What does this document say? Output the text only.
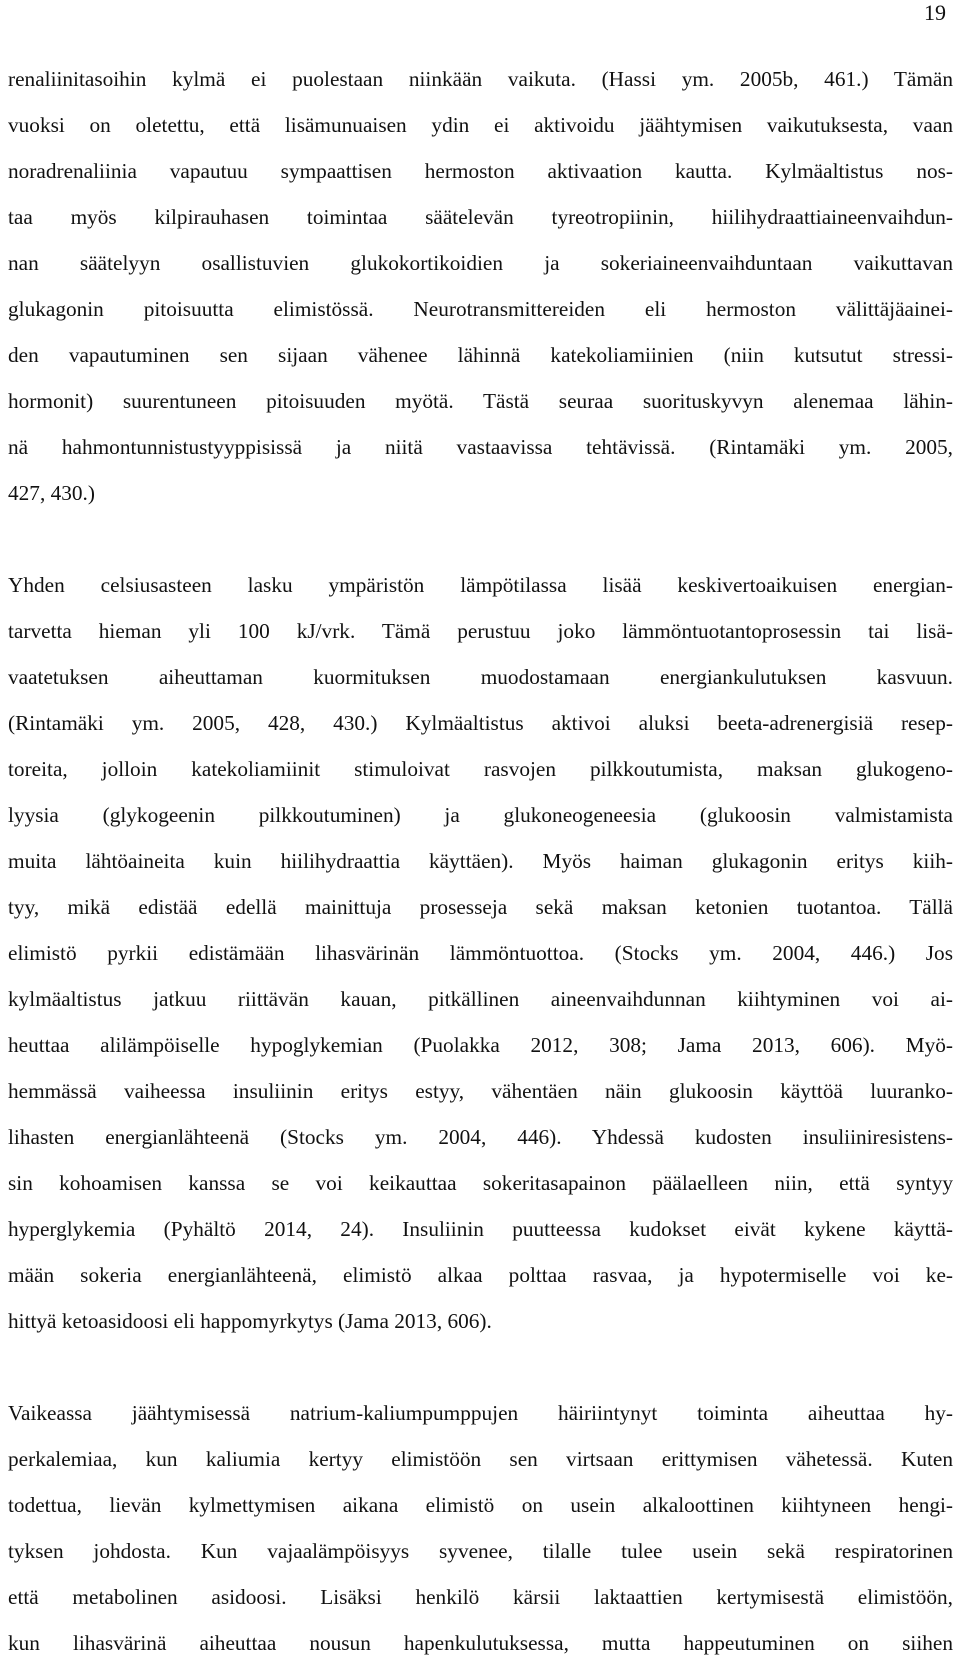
19
renaliinitasoihin kylmä ei puolestaan niinkään vaikuta. (Hassi ym. 2005b, 461.) Tämän
vuoksi on oletettu, että lisämunuaisen ydin ei aktivoidu jäähtymisen vaikutuksesta, vaan
noradrenaliinia vapautuu sympaattisen hermoston aktivaation kautta. Kylmäaltistus nos-
taa myös kilpirauhasen toimintaa säätelevän tyreotropiinin, hiilihydraattiaineenvaihdun-
nan säätelyyn osallistuvien glukokortikoidien ja sokeriaineenvaihduntaan vaikuttavan
glukagonin pitoisuutta elimistössä. Neurotransmittereiden eli hermoston välittäjäainei-
den vapautuminen sen sijaan vähenee lähinnä katekoliamiinien (niin kutsutut stressi-
hormonit) suurentuneen pitoisuuden myötä. Tästä seuraa suorituskyvyn alenemaa lähin-
nä hahmontunnistustyyppisissä ja niitä vastaavissa tehtävissä. (Rintamäki ym. 2005,
427, 430.)
Yhden celsiusasteen lasku ympäristön lämpötilassa lisää keskivertoaikuisen energian-
tarvetta hieman yli 100 kJ/vrk. Tämä perustuu joko lämmöntuotantoprosessin tai lisä-
vaatetuksen aiheuttaman kuormituksen muodostamaan energiankulutuksen kasvuun.
(Rintamäki ym. 2005, 428, 430.) Kylmäaltistus aktivoi aluksi beeta-adrenergisiä resep-
toreita, jolloin katekoliamiinit stimuloivat rasvojen pilkkoutumista, maksan glukogeno-
lyysia (glykogeenin pilkkoutuminen) ja glukoneogeneesia (glukoosin valmistamista
muita lähtöaineita kuin hiilihydraattia käyttäen). Myös haiman glukagonin eritys kiih-
tyy, mikä edistää edellä mainittuja prosesseja sekä maksan ketonien tuotantoa. Tällä
elimistö pyrkii edistämään lihasvärinän lämmöntuottoa. (Stocks ym. 2004, 446.) Jos
kylmäaltistus jatkuu riittävän kauan, pitkällinen aineenvaihdunnan kiihtyminen voi ai-
heuttaa alilämpöiselle hypoglykemian (Puolakka 2012, 308; Jama 2013, 606). Myö-
hemmässä vaiheessa insuliinin eritys estyy, vähentäen näin glukoosin käyttöä luuranko-
lihasten energianlähteenä (Stocks ym. 2004, 446). Yhdessä kudosten insuliiniresistens-
sin kohoamisen kanssa se voi keikauttaa sokeritasapainon päälaelleen niin, että syntyy
hyperglykemia (Pyhältö 2014, 24). Insuliinin puutteessa kudokset eivät kykene käyttä-
mään sokeria energianlähteenä, elimistö alkaa polttaa rasvaa, ja hypotermiselle voi ke-
hittyä ketoasidoosi eli happomyrkytys (Jama 2013, 606).
Vaikeassa jäähtymisessä natrium-kaliumpumppujen häiriintynyt toiminta aiheuttaa hy-
perkalemiaa, kun kaliumia kertyy elimistöön sen virtsaan erittymisen vähetessä. Kuten
todettua, lievän kylmettymisen aikana elimistö on usein alkaloottinen kiihtyneen hengi-
tyksen johdosta. Kun vajaalämpöisyys syvenee, tilalle tulee usein sekä respiratorinen
että metabolinen asidoosi. Lisäksi henkilö kärsii laktaattien kertymisestä elimistöön,
kun lihasvärinä aiheuttaa nousun hapenkulutuksessa, mutta happeutuminen on siihen
